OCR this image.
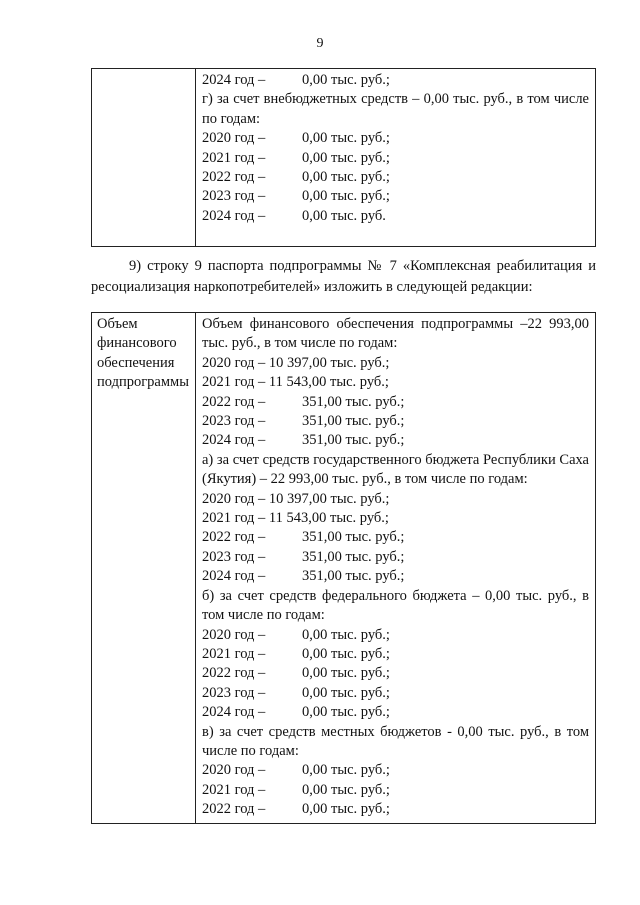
9

2024 год –	0,00 тыс. руб.;
г) за счет внебюджетных средств – 0,00 тыс. руб., в том числе по годам:
2020 год –	0,00 тыс. руб.;
2021 год –	0,00 тыс. руб.;
2022 год –	0,00 тыс. руб.;
2023 год –	0,00 тыс. руб.;
2024 год –	0,00 тыс. руб.
9) строку 9 паспорта подпрограммы № 7 «Комплексная реабилитация и ресоциализация наркопотребителей» изложить в следующей редакции:
Объем финансового обеспечения подпрограммы	
Объем финансового обеспечения подпрограммы –22 993,00 тыс. руб., в том числе по годам:
2020 год – 10 397,00 тыс. руб.;
2021 год – 11 543,00 тыс. руб.;
2022 год –	351,00 тыс. руб.;
2023 год –	351,00 тыс. руб.;
2024 год –	351,00 тыс. руб.;
а) за счет средств государственного бюджета Республики Саха (Якутия) – 22 993,00 тыс. руб., в том числе по годам:
2020 год – 10 397,00 тыс. руб.;
2021 год – 11 543,00 тыс. руб.;
2022 год –	351,00 тыс. руб.;
2023 год –	351,00 тыс. руб.;
2024 год –	351,00 тыс. руб.;
б) за счет средств федерального бюджета – 0,00 тыс. руб., в том числе по годам:
2020 год –	0,00 тыс. руб.;
2021 год –	0,00 тыс. руб.;
2022 год –	0,00 тыс. руб.;
2023 год –	0,00 тыс. руб.;
2024 год –	0,00 тыс. руб.;
в) за счет средств местных бюджетов - 0,00 тыс. руб., в том числе по годам:
2020 год –	0,00 тыс. руб.;
2021 год –	0,00 тыс. руб.;
2022 год –	0,00 тыс. руб.;
